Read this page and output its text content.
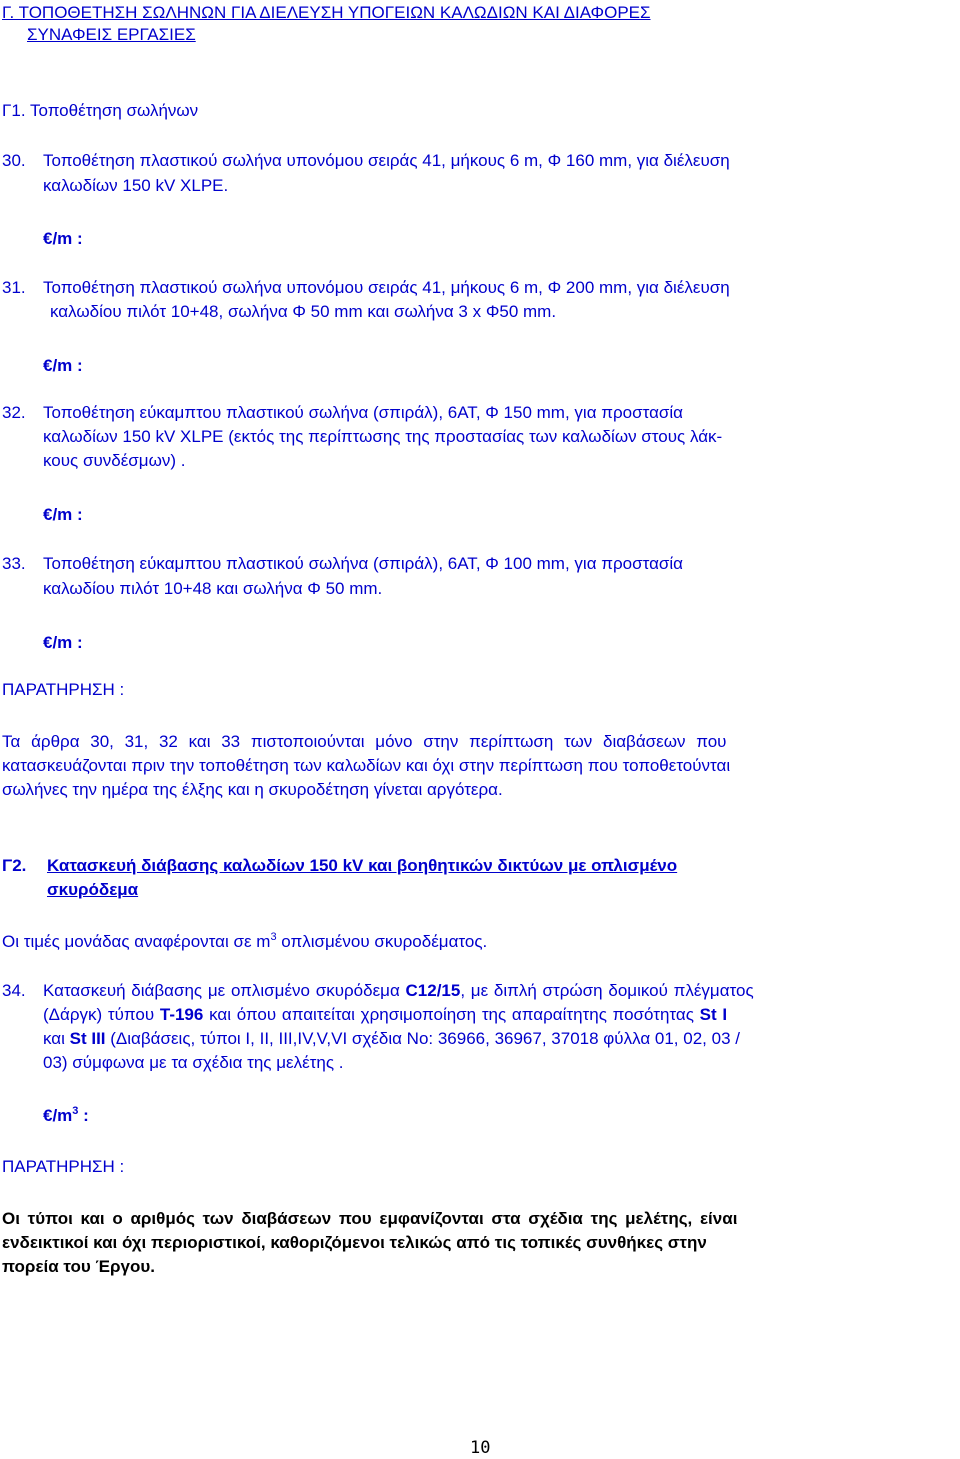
Γ. ΤΟΠΟΘΕΤΗΣΗ ΣΩΛΗΝΩΝ ΓΙΑ ΔΙΕΛΕΥΣΗ ΥΠΟΓΕΙΩΝ ΚΑΛΩΔΙΩΝ ΚΑΙ ΔΙΑΦΟΡΕΣ
ΣΥΝΑΦΕΙΣ ΕΡΓΑΣΙΕΣ
Γ1. Τοποθέτηση σωλήνων
30. Τοποθέτηση πλαστικού σωλήνα υπονόμου σειράς 41, μήκους 6 m, Φ 160 mm, για διέλευση
καλωδίων 150 kV XLPE.
€/m :
31. Τοποθέτηση πλαστικού σωλήνα υπονόμου σειράς 41, μήκους 6 m, Φ 200 mm, για διέλευση
καλωδίου πιλότ 10+48, σωλήνα Φ 50 mm και σωλήνα 3 x Φ50 mm.
€/m :
32. Τοποθέτηση εύκαμπτου πλαστικού σωλήνα (σπιράλ), 6ΑΤ, Φ 150 mm, για προστασία
καλωδίων 150 kV XLPE (εκτός της περίπτωσης της προστασίας των καλωδίων στους λάκ-
κους συνδέσμων) .
€/m :
33. Τοποθέτηση εύκαμπτου πλαστικού σωλήνα (σπιράλ), 6ΑΤ, Φ 100 mm, για προστασία
καλωδίου πιλότ 10+48 και σωλήνα Φ 50 mm.
€/m :
ΠΑΡΑΤΗΡΗΣΗ :
Τα άρθρα 30, 31, 32 και 33 πιστοποιούνται μόνο στην περίπτωση των διαβάσεων που
κατασκευάζονται πριν την τοποθέτηση των καλωδίων και όχι στην περίπτωση που τοποθετούνται
σωλήνες την ημέρα της έλξης και η σκυροδέτηση γίνεται αργότερα.
Γ2. Κατασκευή διάβασης καλωδίων 150 kV και βοηθητικών δικτύων με οπλισμένο
σκυρόδεμα
Οι τιμές μονάδας αναφέρονται σε $m^3$ οπλισμένου σκυροδέματος.
34. Κατασκευή διάβασης με οπλισμένο σκυρόδεμα C12/15, με διπλή στρώση δομικού πλέγματος
(Δάργκ) τύπου T-196 και όπου απαιτείται χρησιμοποίηση της απαραίτητης ποσότητας St I
και St III (Διαβάσεις, τύποι Ι, ΙΙ, ΙΙΙ,ΙV,V,VΙ σχέδια Νο: 36966, 36967, 37018 φύλλα 01, 02, 03 /
03) σύμφωνα με τα σχέδια της μελέτης .
$€/m^3$ :
ΠΑΡΑΤΗΡΗΣΗ :
Οι τύποι και ο αριθμός των διαβάσεων που εμφανίζονται στα σχέδια της μελέτης, είναι
ενδεικτικοί και όχι περιοριστικοί, καθοριζόμενοι τελικώς από τις τοπικές συνθήκες στην
πορεία του Έργου.
10
